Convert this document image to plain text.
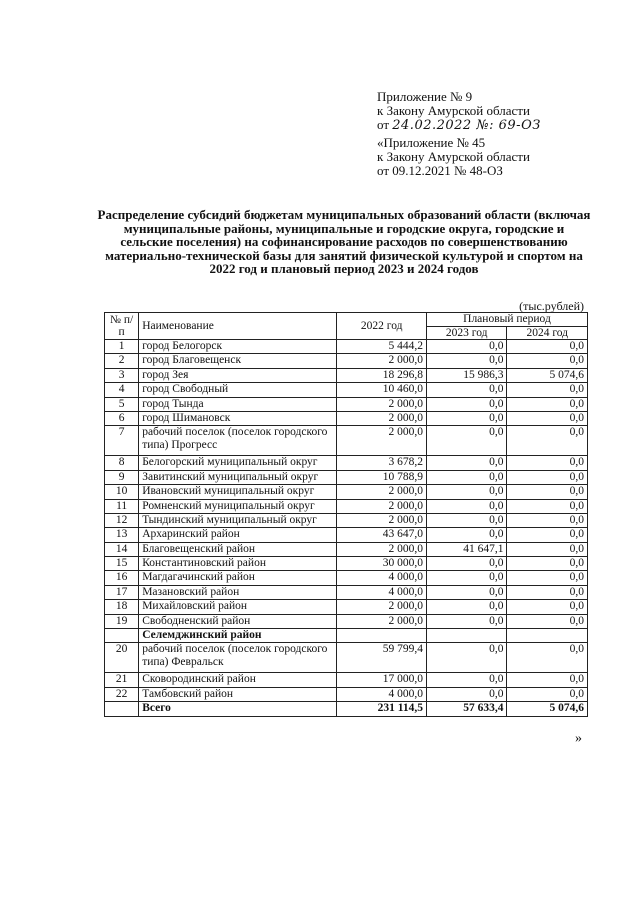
Приложение № 9
к Закону Амурской области
от 24.02.2022 №: 69-ОЗ
«Приложение № 45
к Закону Амурской области
от 09.12.2021 № 48-ОЗ
Распределение субсидий бюджетам муниципальных образований области (включая муниципальные районы, муниципальные и городские округа, городские и сельские поселения) на софинансирование расходов по совершенствованию материально-технической базы для занятий физической культурой и спортом на 2022 год и плановый период 2023 и 2024 годов
(тыс.рублей)
№ п/п	Наименование	2022 год	Плановый период	
			2023 год	2024 год
1	город Белогорск	5 444,2	0,0	0,0
2	город Благовещенск	2 000,0	0,0	0,0
3	город Зея	18 296,8	15 986,3	5 074,6
4	город Свободный	10 460,0	0,0	0,0
5	город Тында	2 000,0	0,0	0,0
6	город Шимановск	2 000,0	0,0	0,0
7	рабочий поселок (поселок городского типа) Прогресс	2 000,0	0,0	0,0
8	Белогорский муниципальный округ	3 678,2	0,0	0,0
9	Завитинский муниципальный округ	10 788,9	0,0	0,0
10	Ивановский муниципальный округ	2 000,0	0,0	0,0
11	Ромненский муниципальный округ	2 000,0	0,0	0,0
12	Тындинский муниципальный округ	2 000,0	0,0	0,0
13	Архаринский район	43 647,0	0,0	0,0
14	Благовещенский район	2 000,0	41 647,1	0,0
15	Константиновский район	30 000,0	0,0	0,0
16	Магдагачинский район	4 000,0	0,0	0,0
17	Мазановский район	4 000,0	0,0	0,0
18	Михайловский район	2 000,0	0,0	0,0
19	Свободненский район	2 000,0	0,0	0,0
	Селемджинский район			
20	рабочий поселок (поселок городского типа) Февральск	59 799,4	0,0	0,0
21	Сковородинский район	17 000,0	0,0	0,0
22	Тамбовский район	4 000,0	0,0	0,0
	Всего	231 114,5	57 633,4	5 074,6
»
